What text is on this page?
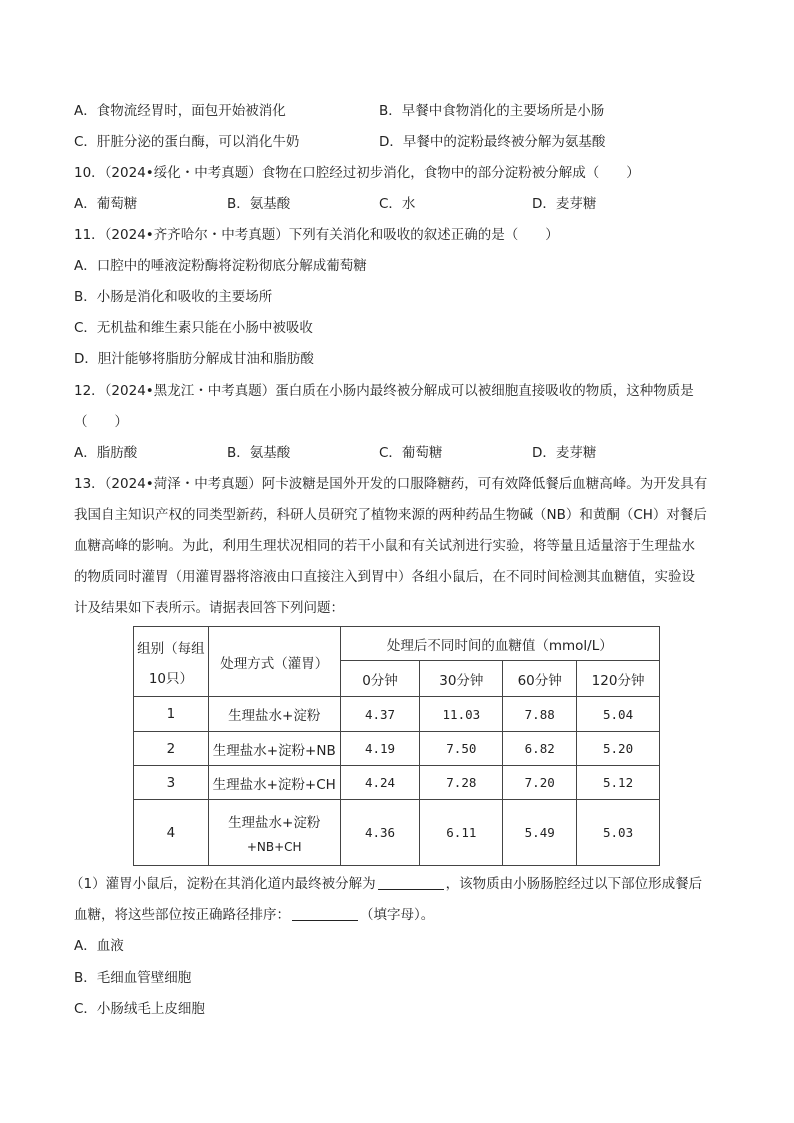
A．食物流经胃时，面包开始被消化	B．早餐中食物消化的主要场所是小肠
C．肝脏分泌的蛋白酶，可以消化牛奶	D．早餐中的淀粉最终被分解为氨基酸
10．（2024•绥化・中考真题）食物在口腔经过初步消化，食物中的部分淀粉被分解成（　　）
A．葡萄糖	B．氨基酸	C．水	D．麦芽糖
11．（2024•齐齐哈尔・中考真题）下列有关消化和吸收的叙述正确的是（　　）
A．口腔中的唾液淀粉酶将淀粉彻底分解成葡萄糖
B．小肠是消化和吸收的主要场所
C．无机盐和维生素只能在小肠中被吸收
D．胆汁能够将脂肪分解成甘油和脂肪酸
12．（2024•黑龙江・中考真题）蛋白质在小肠内最终被分解成可以被细胞直接吸收的物质，这种物质是
（　　）
A．脂肪酸	B．氨基酸	C．葡萄糖	D．麦芽糖
13．（2024•菏泽・中考真题）阿卡波糖是国外开发的口服降糖药，可有效降低餐后血糖高峰。为开发具有
我国自主知识产权的同类型新药，科研人员研究了植物来源的两种药品生物碱（NB）和黄酮（CH）对餐后
血糖高峰的影响。为此，利用生理状况相同的若干小鼠和有关试剂进行实验，将等量且适量溶于生理盐水
的物质同时灌胃（用灌胃器将溶液由口直接注入到胃中）各组小鼠后，在不同时间检测其血糖值，实验设
计及结果如下表所示。请据表回答下列问题：
组别（每组
10只）	处理方式（灌胃）	处理后不同时间的血糖值（mmol/L）			
		0分钟	30分钟	60分钟	120分钟
1	生理盐水+淀粉	4.37	11.03	7.88	5.04
2	生理盐水+淀粉+NB	4.19	7.50	6.82	5.20
3	生理盐水+淀粉+CH	4.24	7.28	7.20	5.12
4	生理盐水+淀粉
+NB+CH	4.36	6.11	5.49	5.03
（1）灌胃小鼠后，淀粉在其消化道内最终被分解为	，该物质由小肠肠腔经过以下部位形成餐后
血糖，将这些部位按正确路径排序：	（填字母）。
A．血液
B．毛细血管壁细胞
C．小肠绒毛上皮细胞
